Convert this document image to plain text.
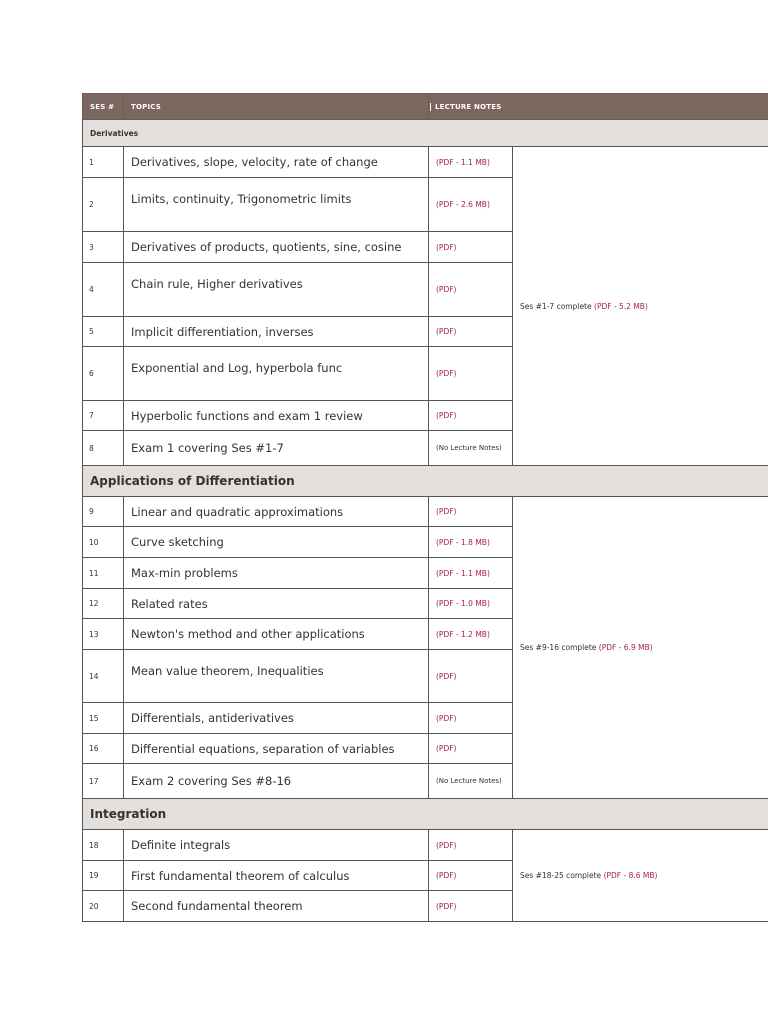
SES #	TOPICS	LECTURE NOTES	
Derivatives			
1	Derivatives, slope, velocity, rate of change	(PDF - 1.1 MB)	Ses #1-7 complete (PDF - 5.2 MB)
2	Limits, continuity, Trigonometric limits	(PDF - 2.6 MB)	
3	Derivatives of products, quotients, sine, cosine	(PDF)	
4	Chain rule, Higher derivatives	(PDF)	
5	Implicit differentiation, inverses	(PDF)	
6	Exponential and Log, hyperbola func	(PDF)	
7	Hyperbolic functions and exam 1 review	(PDF)	
8	Exam 1 covering Ses #1-7	(No Lecture Notes)	
Applications of Differentiation			
9	Linear and quadratic approximations	(PDF)	Ses #9-16 complete (PDF - 6.9 MB)
10	Curve sketching	(PDF - 1.8 MB)	
11	Max-min problems	(PDF - 1.1 MB)	
12	Related rates	(PDF - 1.0 MB)	
13	Newton's method and other applications	(PDF - 1.2 MB)	
14	Mean value theorem, Inequalities	(PDF)	
15	Differentials, antiderivatives	(PDF)	
16	Differential equations, separation of variables	(PDF)	
17	Exam 2 covering Ses #8-16	(No Lecture Notes)	
Integration			
18	Definite integrals	(PDF)	Ses #18-25 complete (PDF - 8.6 MB)
19	First fundamental theorem of calculus	(PDF)	
20	Second fundamental theorem	(PDF)	
